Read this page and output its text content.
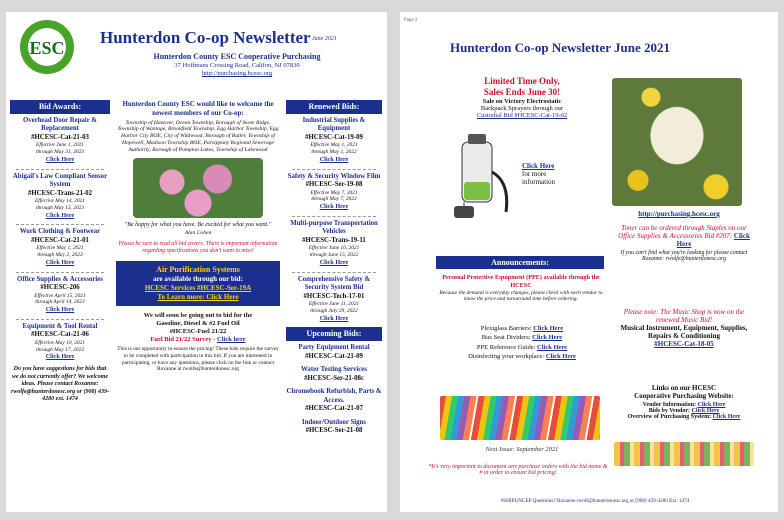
ESC
Hunterdon Co-op Newsletter June 2021
Hunterdon County ESC Cooperative Purchasing
37 Hoffmans Crossing Road, Califon, NJ 07830
http://purchasing.hcesc.org
Bid Awards:
Overhead Door Repair & Replacement
#HCESC-Cat-21-03
Effective June 1, 2021
through May 31, 2023
Click Here
Abigail's Law Compliant Sensor System
#HCESC-Trans-21-02
Effective May 14, 2021
through May 13, 2023
Click Here
Work Clothing & Footwear
#HCESC-Cat-21-01
Effective May 1, 2021
through May 2, 2023
Click Here
Office Supplies & Accessories
#HCESC-206
Effective April 15, 2021
through April 14, 2023
Click Here
Equipment & Tool Rental
#HCESC-Cat-21-06
Effective May 10, 2021
through May 17, 2023
Click Here
Do you have suggestions for bids that we do not currently offer? We welcome ideas. Please contact Roxanne: rwolfe@hunterdonesc.org or (908) 439-4280 ext. 1474
Hunterdon County ESC would like to welcome the newest members of our Co-op:
Township of Hanover, Ocean Township, Borough of Stone Ridge, Township of Wantage, Brookfield Township, Egg Harbor Township, Egg Harbor City BOE, City of Wildwood, Borough of Butler, Township of Hopewell, Madison Township BOE, Parsippany Regional Sewerage Authority, Borough of Pompton Lakes, Township of Lakewood
"Be happy for what you have. Be excited for what you want."
Alan Cohen
Please be sure to read all bid covers. There is important information regarding specifications you don't want to miss!
Air Purification Systems
are available through our bid:
HCESC Services #HCESC-Ser-19A
To Learn more: Click Here
We will soon be going out to bid for the
Gasoline, Diesel & #2 Fuel Oil
#HCESC-Fuel 21/22
Fuel Bid 21/22 Survey - Click here
This is our opportunity to ensure the pricing! These bids require the survey to be completed with participation in this bid. If you are interested in participating, or have any questions, please click on the link or contact Roxanne at rwolfe@hunterdonesc.org
Renewed Bids:
Industrial Supplies & Equipment
#HCESC-Cat-19-09
Effective May 1, 2021
through May 1, 2022
Click Here
Safety & Security Window Film
#HCESC-Ser-19-08
Effective May 7, 2021
through May 7, 2022
Click Here
Multi-purpose Transportation Vehicles
#HCESC-Trans-19-11
Effective June 16, 2021
through June 15, 2022
Click Here
Comprehensive Safety & Security System Bid
#HCESC-Tech-17-01
Effective June 11, 2021
through July 29, 2022
Click Here
Upcoming Bids:
Party Equipment Rental
#HCESC-Cat-21-09
Water Testing Services
#HCESC-Ser-21-08c
Chromebook Refurbish, Parts & Access.
#HCESC-Cat-21-07
Indoor/Outdoor Signs
#HCESC-Ser-21-08
Page 2
Hunterdon Co-op Newsletter June 2021
Limited Time Only,
Sales Ends June 30!
Sale on Victory Electrostatic
Backpack Sprayers through our
Custodial Bid #HCESC-Cat-19-02
Click Here
for more information
http://purchasing.hcesc.org
Toner can be ordered through Staples on our Office Supplies & Accessories Bid #207: Click Here
If you can't find what you're looking for please contact Roxanne: rwolfe@hunterdonesc.org
Please note: The Music Shop is now on the renewed Music Bid!
Musical Instrument, Equipment, Supplies, Repairs & Conditioning
#HCESC-Cat-18-05
Links on our HCESC
Cooperative Purchasing Website:
Vendor Information: Click Here
Bids by Vendor: Click Here
Overview of Purchasing System: Click Here
Announcements:
Personal Protective Equipment (PPE) available through the HCESC
Because the demand is everyday changes, please check with each vendor to know the price and turnaround time before ordering.
Plexiglass Barriers: Click Here
Bus Seat Dividers: Click Here
PPE Reference Guide: Click Here
Disinfecting your workplace: Click Here
Next Issue: September 2021
*It's very important to document any purchase orders with the bid name & # in order to ensure bid pricing!
#SHIPUNCEP Questions? Roxanne.rwolf@hunterdonesc.org or (908) 439-4280 Ext. 1474
